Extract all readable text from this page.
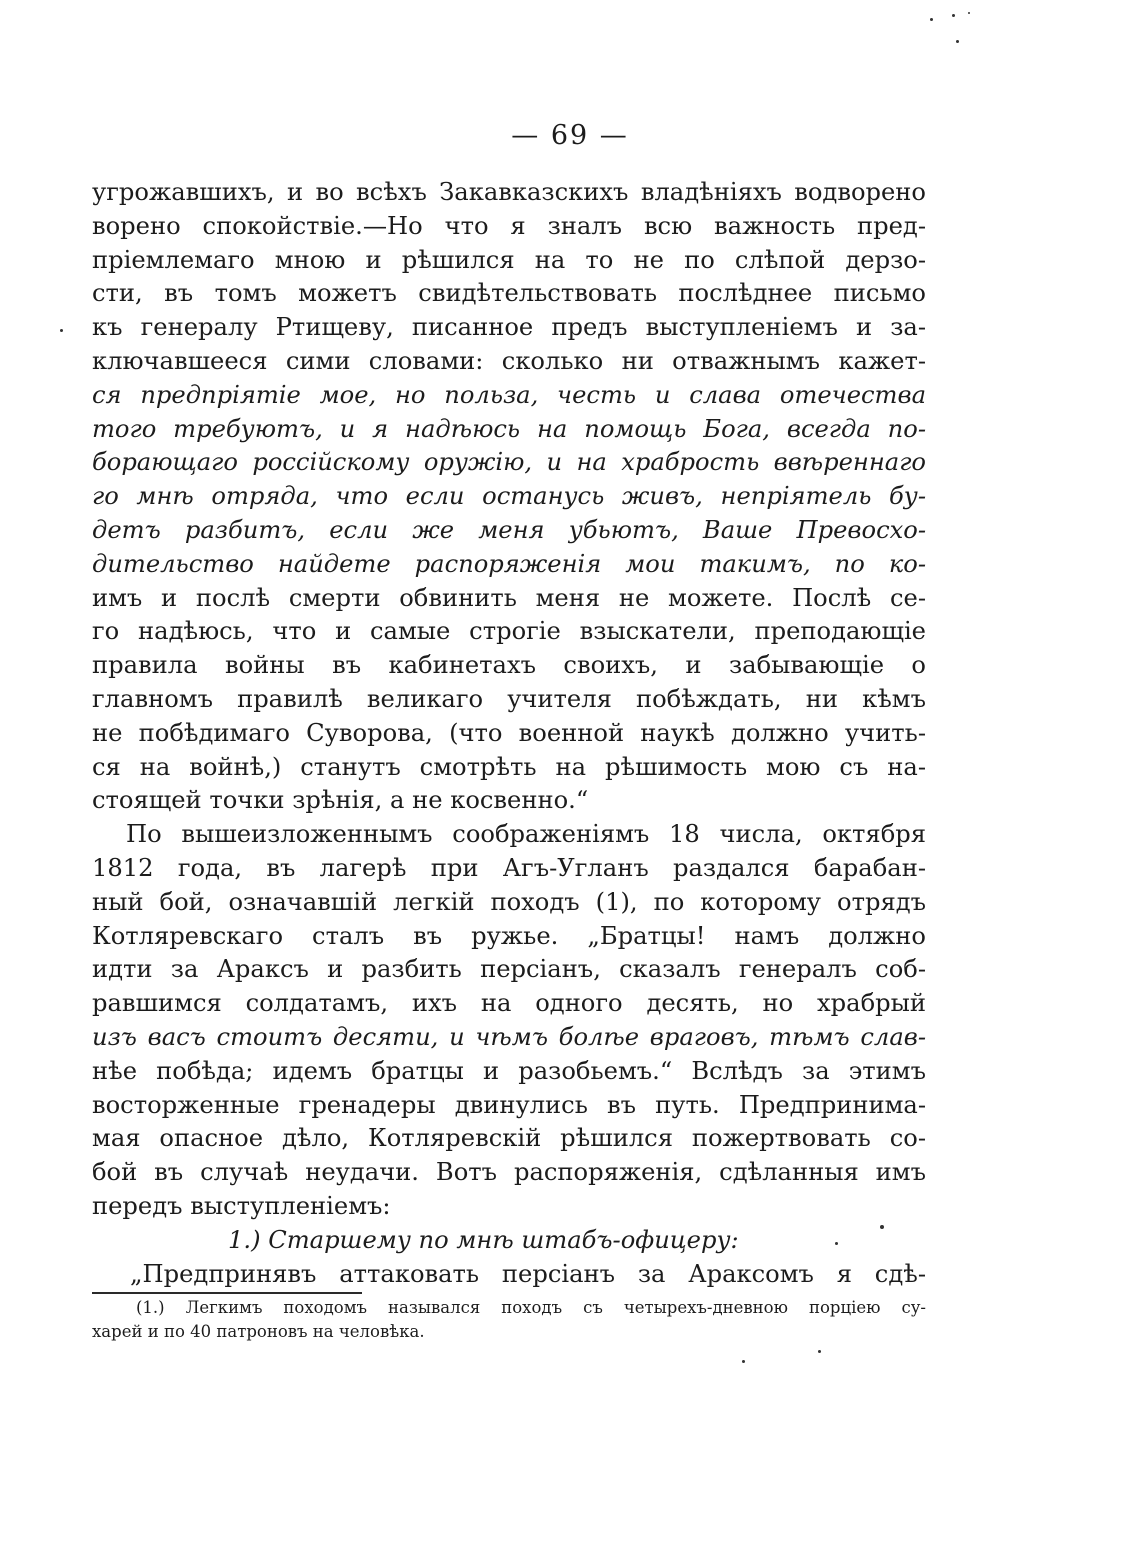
— 69 —
угрожавшихъ, и во всѣхъ Закавказскихъ владѣніяхъ водворено
ворено спокойствіе.—Но что я зналъ всю важность пред-
пріемлемаго мною и рѣшился на то не по слѣпой дерзо-
сти, въ томъ можетъ свидѣтельствовать послѣднее письмо
къ генералу Ртищеву, писанное предъ выступленіемъ и за-
ключавшееся сими словами: сколько ни отважнымъ кажет-
ся предпріятіе мое, но польза, честь и слава отечества
того требуютъ, и я надѣюсь на помощь Бога, всегда по-
борающаго россійскому оружію, и на храбрость ввѣреннаго
го мнѣ отряда, что если останусь живъ, непріятель бу-
детъ разбитъ, если же меня убьютъ, Ваше Превосхо-
дительство найдете распоряженія мои такимъ, по ко-
имъ и послѣ смерти обвинить меня не можете. Послѣ се-
го надѣюсь, что и самые строгіе взыскатели, преподающіе
правила войны въ кабинетахъ своихъ, и забывающіе о
главномъ правилѣ великаго учителя побѣждать, ни кѣмъ
не побѣдимаго Суворова, (что военной наукѣ должно учить-
ся на войнѣ,) станутъ смотрѣть на рѣшимость мою съ на-
стоящей точки зрѣнія, а не косвенно.“
По вышеизложеннымъ соображеніямъ 18 числа, октября
1812 года, въ лагерѣ при Агъ-Угланъ раздался барабан-
ный бой, означавшій легкій походъ (1), по которому отрядъ
Котляревскаго сталъ въ ружье. „Братцы! намъ должно
идти за Араксъ и разбить персіанъ, сказалъ генералъ соб-
равшимся солдатамъ, ихъ на одного десять, но храбрый
изъ васъ стоитъ десяти, и чѣмъ болѣе враговъ, тѣмъ слав-
нѣе побѣда; идемъ братцы и разобьемъ.“ Вслѣдъ за этимъ
восторженные гренадеры двинулись въ путь. Предпринима-
мая опасное дѣло, Котляревскій рѣшился пожертвовать со-
бой въ случаѣ неудачи. Вотъ распоряженія, сдѣланныя имъ
передъ выступленіемъ:
1.) Старшему по мнѣ штабъ-офицеру:
„Предпринявъ аттаковать персіанъ за Араксомъ я сдѣ-
(1.) Легкимъ походомъ назывался походъ съ четырехъ-дневною порціею су-
харей и по 40 патроновъ на человѣка.
